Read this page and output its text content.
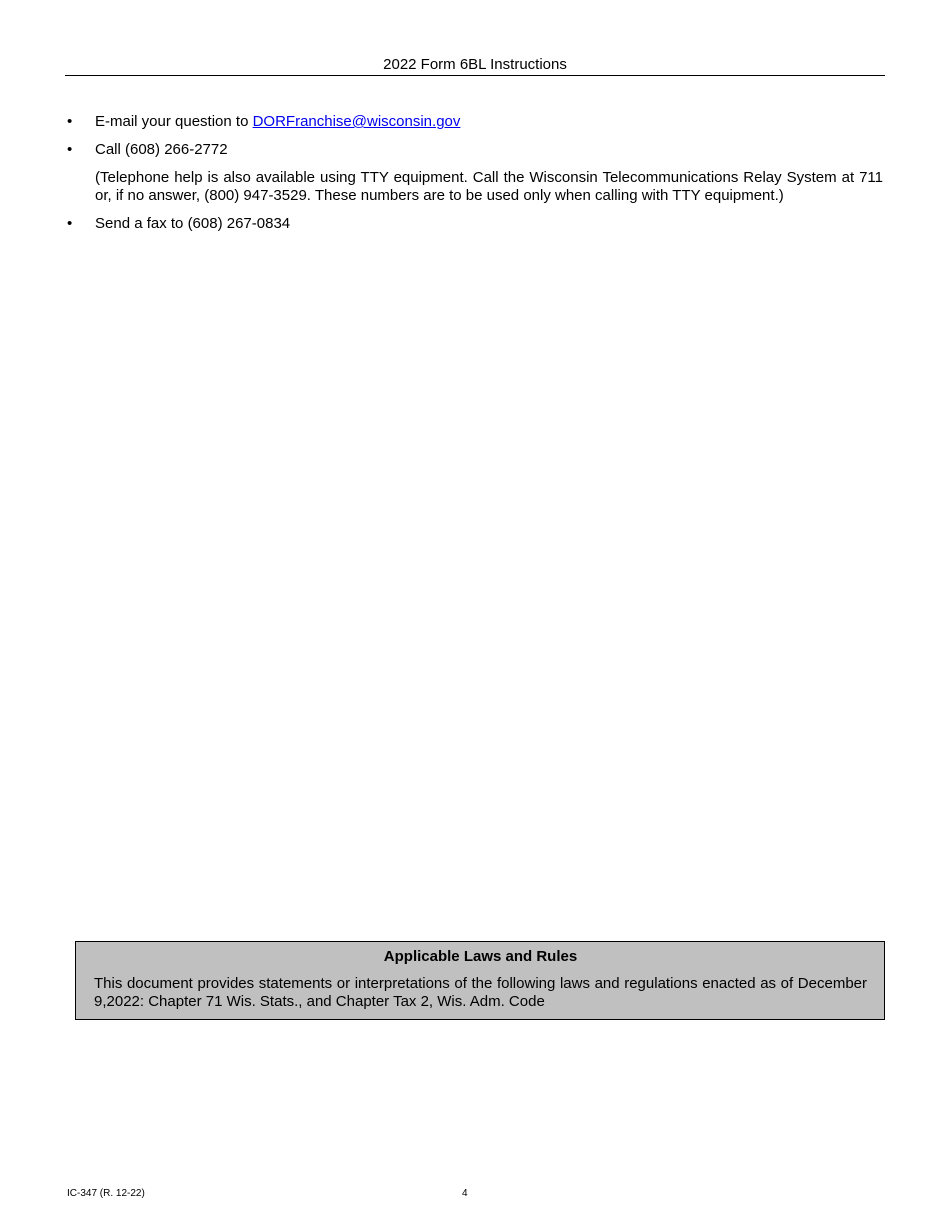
2022 Form 6BL Instructions
•	E-mail your question to DORFranchise@wisconsin.gov
•	Call (608) 266-2772
(Telephone help is also available using TTY equipment. Call the Wisconsin Telecommunications Relay System at 711 or, if no answer, (800) 947-3529. These numbers are to be used only when calling with TTY equipment.)
•	Send a fax to (608) 267-0834
Applicable Laws and Rules

This document provides statements or interpretations of the following laws and regulations enacted as of December 9,2022: Chapter 71 Wis. Stats., and Chapter Tax 2, Wis. Adm. Code

IC-347 (R. 12-22)	4
